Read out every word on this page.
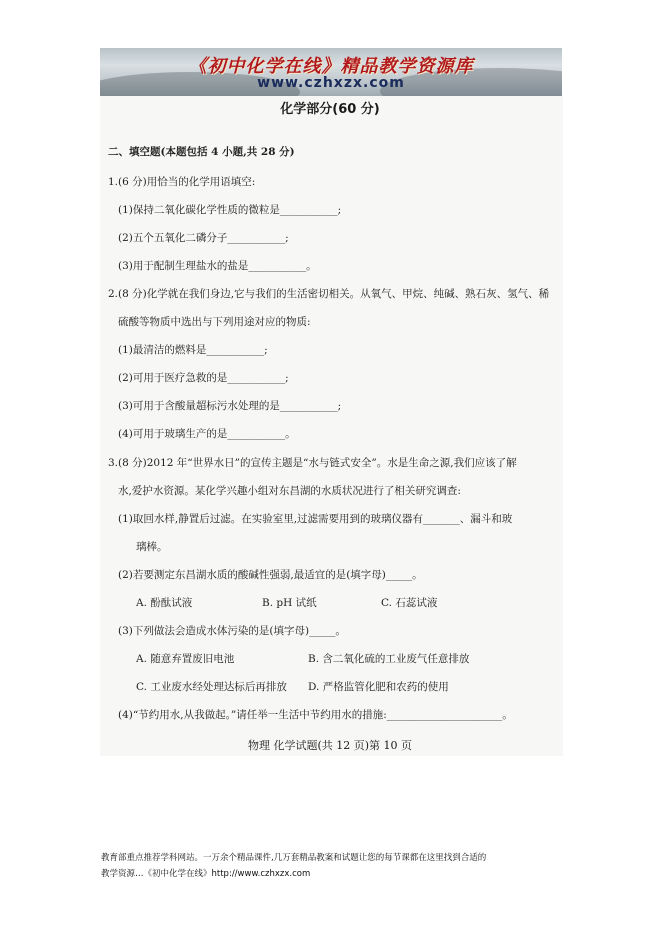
《初中化学在线》精品教学资源库
www.czhxzx.com
化学部分(60 分)
二、填空题(本题包括 4 小题,共 28 分)
1.(6 分)用恰当的化学用语填空:
(1)保持二氧化碳化学性质的微粒是___________;
(2)五个五氧化二磷分子___________;
(3)用于配制生理盐水的盐是___________。
2.(8 分)化学就在我们身边,它与我们的生活密切相关。从氧气、甲烷、纯碱、熟石灰、氢气、稀
硫酸等物质中选出与下列用途对应的物质:
(1)最清洁的燃料是___________;
(2)可用于医疗急救的是___________;
(3)可用于含酸量超标污水处理的是___________;
(4)可用于玻璃生产的是___________。
3.(8 分)2012 年“世界水日”的宣传主题是“水与链式安全”。水是生命之源,我们应该了解
水,爱护水资源。某化学兴趣小组对东昌湖的水质状况进行了相关研究调查:
(1)取回水样,静置后过滤。在实验室里,过滤需要用到的玻璃仪器有_______、漏斗和玻
璃棒。
(2)若要测定东昌湖水质的酸碱性强弱,最适宜的是(填字母)_____。
A. 酚酞试液	B. pH 试纸	C. 石蕊试液
(3)下列做法会造成水体污染的是(填字母)_____。
A. 随意弃置废旧电池	B. 含二氧化硫的工业废气任意排放
C. 工业废水经处理达标后再排放 D. 严格监管化肥和农药的使用
(4)“节约用水,从我做起。”请任举一生活中节约用水的措施:______________________。
物理 化学试题(共 12 页)第 10 页
教育部重点推荐学科网站。一万余个精品课件,几万套精品教案和试题让您的每节课都在这里找到合适的
教学资源…《初中化学在线》http://www.czhxzx.com
